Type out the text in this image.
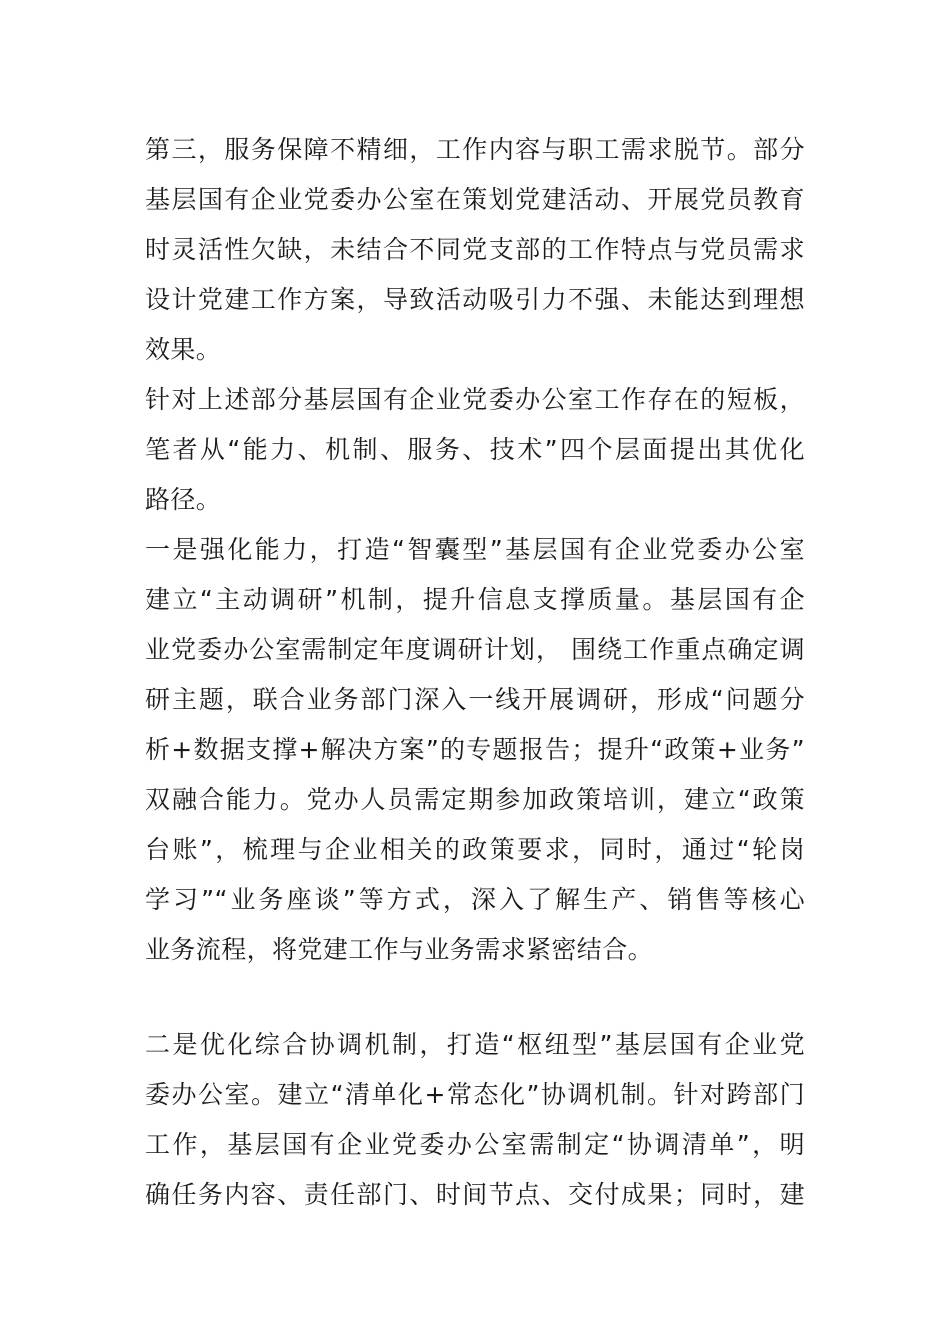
第三，服务保障不精细，工作内容与职工需求脱节。部分
基层国有企业党委办公室在策划党建活动、开展党员教育
时灵活性欠缺，未结合不同党支部的工作特点与党员需求
设计党建工作方案，导致活动吸引力不强、未能达到理想
效果。
针对上述部分基层国有企业党委办公室工作存在的短板，
笔者从“能力、机制、服务、技术”四个层面提出其优化
路径。
一是强化能力，打造“智囊型”基层国有企业党委办公室
建立“主动调研”机制，提升信息支撑质量。基层国有企
业党委办公室需制定年度调研计划， 围绕工作重点确定调
研主题，联合业务部门深入一线开展调研，形成“问题分
析+数据支撑+解决方案”的专题报告；提升“政策+业务”
双融合能力。党办人员需定期参加政策培训，建立“政策
台账”，梳理与企业相关的政策要求，同时，通过“轮岗
学习”“业务座谈”等方式，深入了解生产、销售等核心
业务流程，将党建工作与业务需求紧密结合。
二是优化综合协调机制，打造“枢纽型”基层国有企业党
委办公室。建立“清单化+常态化”协调机制。针对跨部门
工作，基层国有企业党委办公室需制定“协调清单”，明
确任务内容、责任部门、时间节点、交付成果；同时，建
